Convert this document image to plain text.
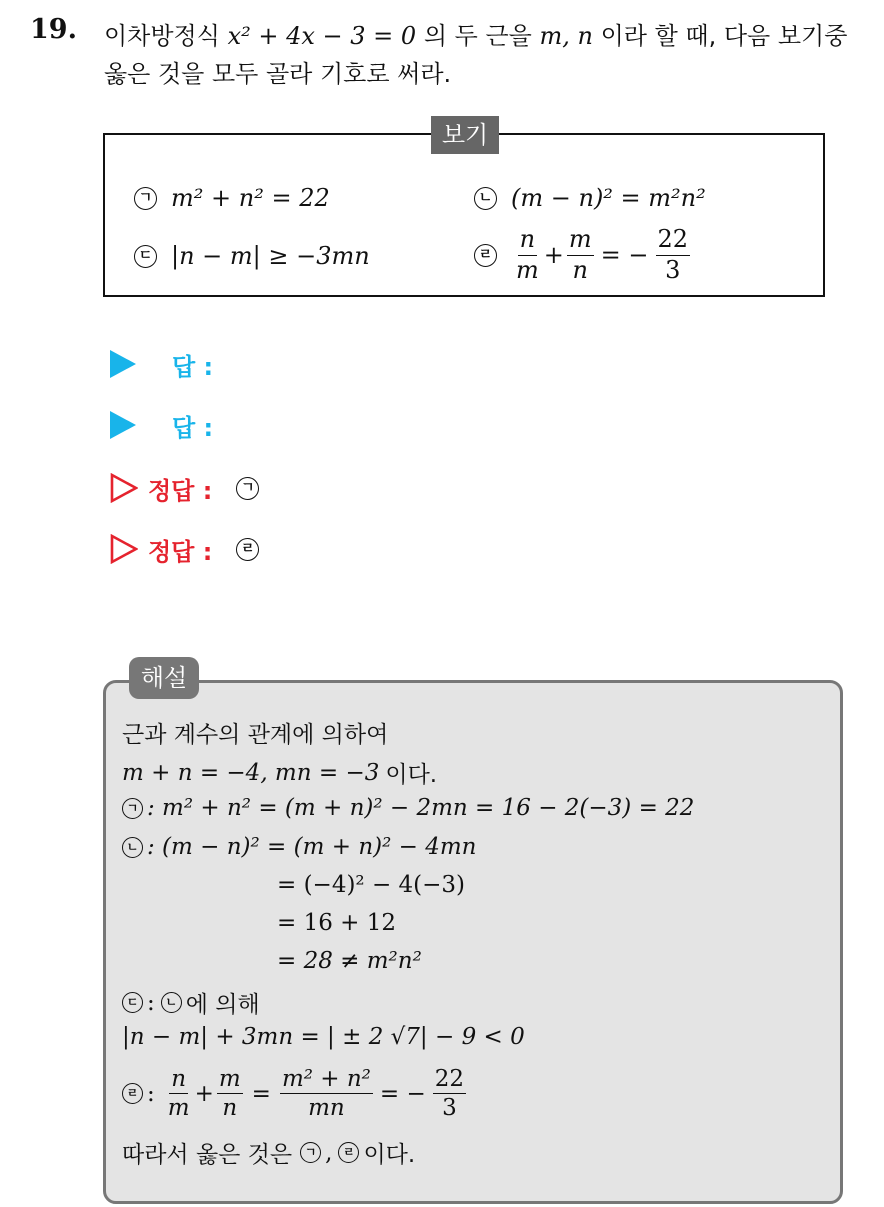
19. 이차방정식 x² + 4x − 3 = 0 의 두 근을 m, n 이라 할 때, 다음 보기중
옳은 것을 모두 골라 기호로 써라.
보기
ㄱ m² + n² = 22	ㄴ (m − n)² = m²n²
ㄷ |n − m| ≥ −3mn	ㄹ $\frac{n}{m} + \frac{m}{n}$ = − $\frac{22}{3}$
답 :
답 :
정답 :	ㄱ
정답 :	ㄹ
해설
근과 계수의 관계에 의하여
m + n = −4, mn = −3 이다.
ㄱ : m² + n² = (m + n)² − 2mn = 16 − 2(−3) = 22
ㄴ : (m − n)² = (m + n)² − 4mn
= (−4)² − 4(−3)
= 16 + 12
= 28 ≠ m²n²
ㄷ : ㄴ 에 의해
|n − m| + 3mn = | ± 2 √7| − 9 < 0
ㄹ : $\frac{n}{m} + \frac{m}{n} = \frac{\text{m² + n²}}{mn}$ = − $\frac{22}{3}$
따라서 옳은 것은	ㄱ , ㄹ 이다.
